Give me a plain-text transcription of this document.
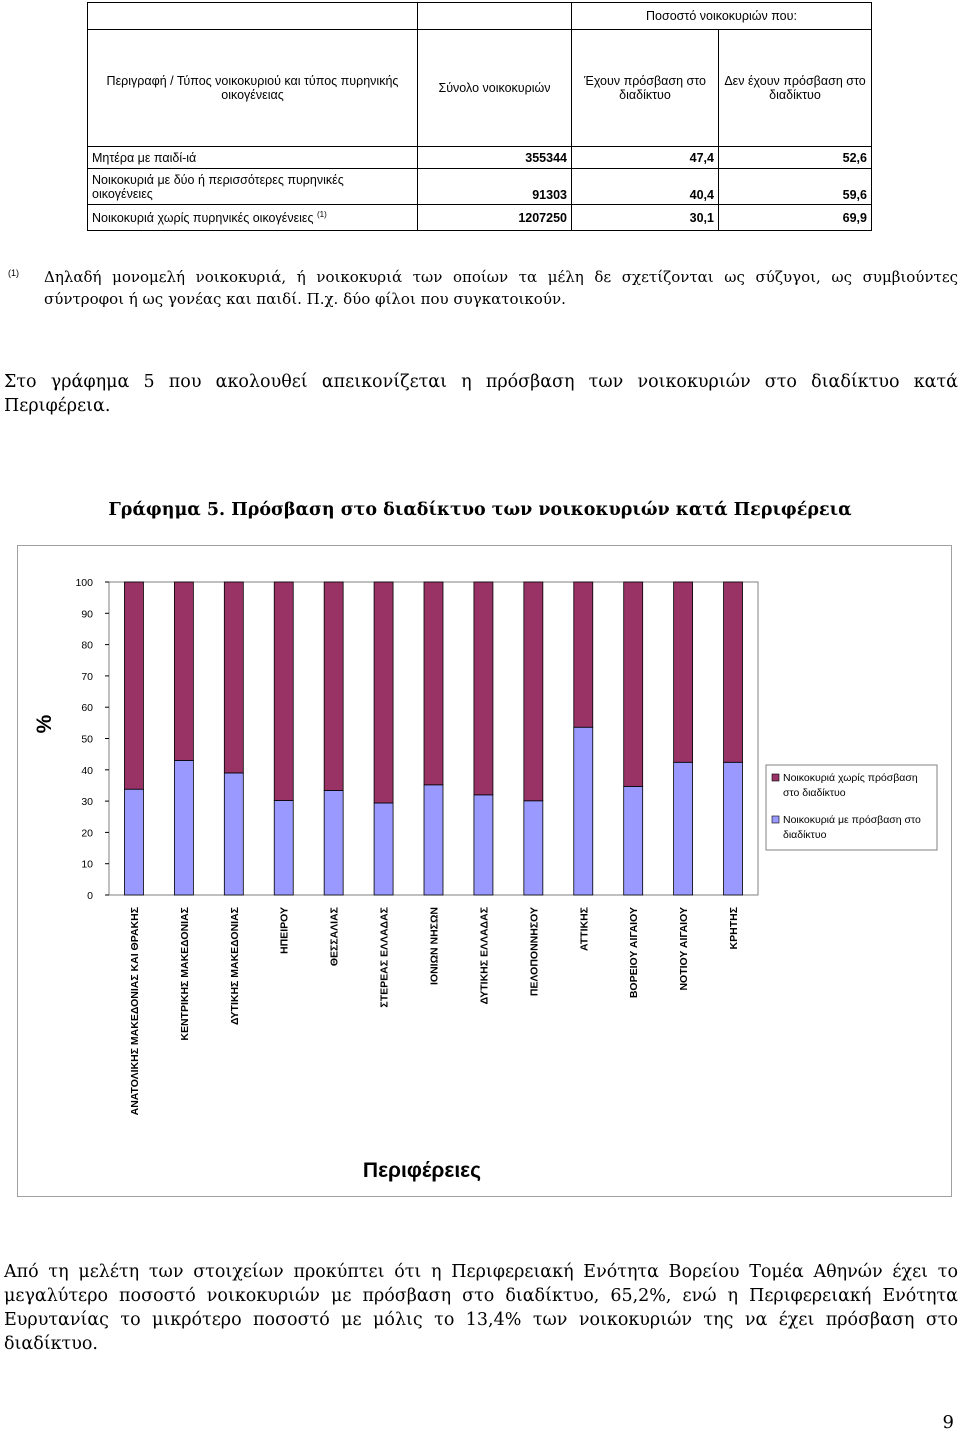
		Ποσοστό νοικοκυριών που:	
Περιγραφή / Τύπος νοικοκυριού και τύπος πυρηνικής οικογένειας	Σύνολο νοικοκυριών	Έχουν πρόσβαση στο διαδίκτυο	Δεν έχουν πρόσβαση στο διαδίκτυο
Μητέρα με παιδί-ιά	355344	47,4	52,6
Νοικοκυριά με δύο ή περισσότερες πυρηνικές
οικογένειες	91303	40,4	59,6
Νοικοκυριά χωρίς πυρηνικές οικογένειες $^{(1)}$	1207250	30,1	69,9
(1) Δηλαδή μονομελή νοικοκυριά, ή νοικοκυριά των οποίων τα μέλη δε σχετίζονται ως σύζυγοι, ως συμβιούντες σύντροφοι ή ως γονέας και παιδί. Π.χ. δύο φίλοι που συγκατοικούν.
Στο γράφημα 5 που ακολουθεί απεικονίζεται η πρόσβαση των νοικοκυριών στο διαδίκτυο κατά Περιφέρεια.
Γράφημα 5. Πρόσβαση στο διαδίκτυο των νοικοκυριών κατά Περιφέρεια
0
10
20
30
40
50
60
70
80
90
100
ΑΝΑΤΟΛΙΚΗΣ ΜΑΚΕΔΟΝΙΑΣ ΚΑΙ ΘΡΑΚΗΣ	ΚΕΝΤΡΙΚΗΣ ΜΑΚΕΔΟΝΙΑΣ	ΔΥΤΙΚΗΣ ΜΑΚΕΔΟΝΙΑΣ	ΗΠΕΙΡΟΥ	ΘΕΣΣΑΛΙΑΣ	ΣΤΕΡΕΑΣ ΕΛΛΑΔΑΣ	ΙΟΝΙΩΝ ΝΗΣΩΝ	ΔΥΤΙΚΗΣ ΕΛΛΑΔΑΣ	ΠΕΛΟΠΟΝΝΗΣΟΥ	ΑΤΤΙΚΗΣ	ΒΟΡΕΙΟΥ ΑΙΓΑΙΟΥ	ΝΟΤΙΟΥ ΑΙΓΑΙΟΥ	ΚΡΗΤΗΣ
Νοικοκυριά χωρίς πρόσβαση στο διαδίκτυο
Νοικοκυριά με πρόσβαση στο διαδίκτυο
%
Περιφέρειες
Από τη μελέτη των στοιχείων προκύπτει ότι η Περιφερειακή Ενότητα Βορείου Τομέα Αθηνών έχει το μεγαλύτερο ποσοστό νοικοκυριών με πρόσβαση στο διαδίκτυο, 65,2%, ενώ η Περιφερειακή Ενότητα Ευρυτανίας το μικρότερο ποσοστό με μόλις το 13,4% των νοικοκυριών της να έχει πρόσβαση στο διαδίκτυο.
9
